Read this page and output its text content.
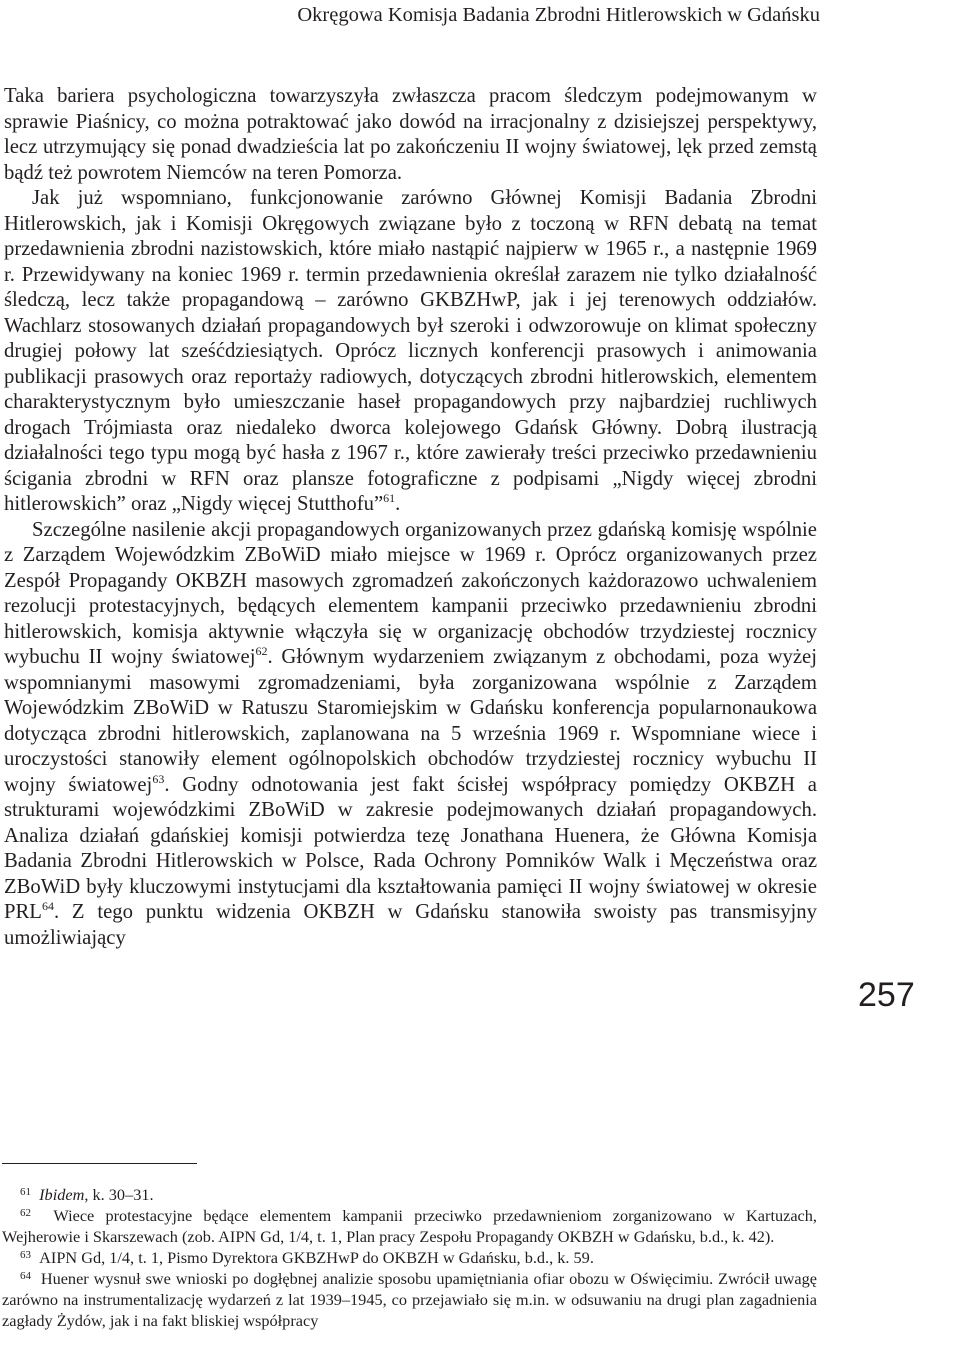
Okręgowa Komisja Badania Zbrodni Hitlerowskich w Gdańsku

Taka bariera psychologiczna towarzyszyła zwłaszcza pracom śledczym podejmowanym w sprawie Piaśnicy, co można potraktować jako dowód na irracjonalny z dzisiejszej perspektywy, lecz utrzymujący się ponad dwadzieścia lat po zakończeniu II wojny światowej, lęk przed zemstą bądź też powrotem Niemców na teren Pomorza.

Jak już wspomniano, funkcjonowanie zarówno Głównej Komisji Badania Zbrodni Hitlerowskich, jak i Komisji Okręgowych związane było z toczoną w RFN debatą na temat przedawnienia zbrodni nazistowskich, które miało nastąpić najpierw w 1965 r., a następnie 1969 r. Przewidywany na koniec 1969 r. termin przedawnienia określał zarazem nie tylko działalność śledczą, lecz także propagandową – zarówno GKBZHwP, jak i jej terenowych oddziałów. Wachlarz stosowanych działań propagandowych był szeroki i odwzorowuje on klimat społeczny drugiej połowy lat sześćdziesiątych. Oprócz licznych konferencji prasowych i animowania publikacji prasowych oraz reportaży radiowych, dotyczących zbrodni hitlerowskich, elementem charakterystycznym było umieszczanie haseł propagandowych przy najbardziej ruchliwych drogach Trójmiasta oraz niedaleko dworca kolejowego Gdańsk Główny. Dobrą ilustracją działalności tego typu mogą być hasła z 1967 r., które zawierały treści przeciwko przedawnieniu ścigania zbrodni w RFN oraz plansze fotograficzne z podpisami „Nigdy więcej zbrodni hitlerowskich” oraz „Nigdy więcej Stutthofu”$^{61}$.

Szczególne nasilenie akcji propagandowych organizowanych przez gdańską komisję wspólnie z Zarządem Wojewódzkim ZBoWiD miało miejsce w 1969 r. Oprócz organizowanych przez Zespół Propagandy OKBZH masowych zgromadzeń zakończonych każdorazowo uchwaleniem rezolucji protestacyjnych, będących elementem kampanii przeciwko przedawnieniu zbrodni hitlerowskich, komisja aktywnie włączyła się w organizację obchodów trzydziestej rocznicy wybuchu II wojny światowej$^{62}$. Głównym wydarzeniem związanym z obchodami, poza wyżej wspomnianymi masowymi zgromadzeniami, była zorganizowana wspólnie z Zarządem Wojewódzkim ZBoWiD w Ratuszu Staromiejskim w Gdańsku konferencja popularnonaukowa dotycząca zbrodni hitlerowskich, zaplanowana na 5 września 1969 r. Wspomniane wiece i uroczystości stanowiły element ogólnopolskich obchodów trzydziestej rocznicy wybuchu II wojny światowej$^{63}$. Godny odnotowania jest fakt ścisłej współpracy pomiędzy OKBZH a strukturami wojewódzkimi ZBoWiD w zakresie podejmowanych działań propagandowych. Analiza działań gdańskiej komisji potwierdza tezę Jonathana Huenera, że Główna Komisja Badania Zbrodni Hitlerowskich w Polsce, Rada Ochrony Pomników Walk i Męczeństwa oraz ZBoWiD były kluczowymi instytucjami dla kształtowania pamięci II wojny światowej w okresie PRL$^{64}$. Z tego punktu widzenia OKBZH w Gdańsku stanowiła swoisty pas transmisyjny umożliwiający

257

$^{61}$ Ibidem, k. 30–31.

$^{62}$ Wiece protestacyjne będące elementem kampanii przeciwko przedawnieniom zorganizowano w Kartuzach, Wejherowie i Skarszewach (zob. AIPN Gd, 1/4, t. 1, Plan pracy Zespołu Propagandy OKBZH w Gdańsku, b.d., k. 42).

$^{63}$ AIPN Gd, 1/4, t. 1, Pismo Dyrektora GKBZHwP do OKBZH w Gdańsku, b.d., k. 59.

$^{64}$ Huener wysnuł swe wnioski po dogłębnej analizie sposobu upamiętniania ofiar obozu w Oświęcimiu. Zwrócił uwagę zarówno na instrumentalizację wydarzeń z lat 1939–1945, co przejawiało się m.in. w odsuwaniu na drugi plan zagadnienia zagłady Żydów, jak i na fakt bliskiej współpracy
